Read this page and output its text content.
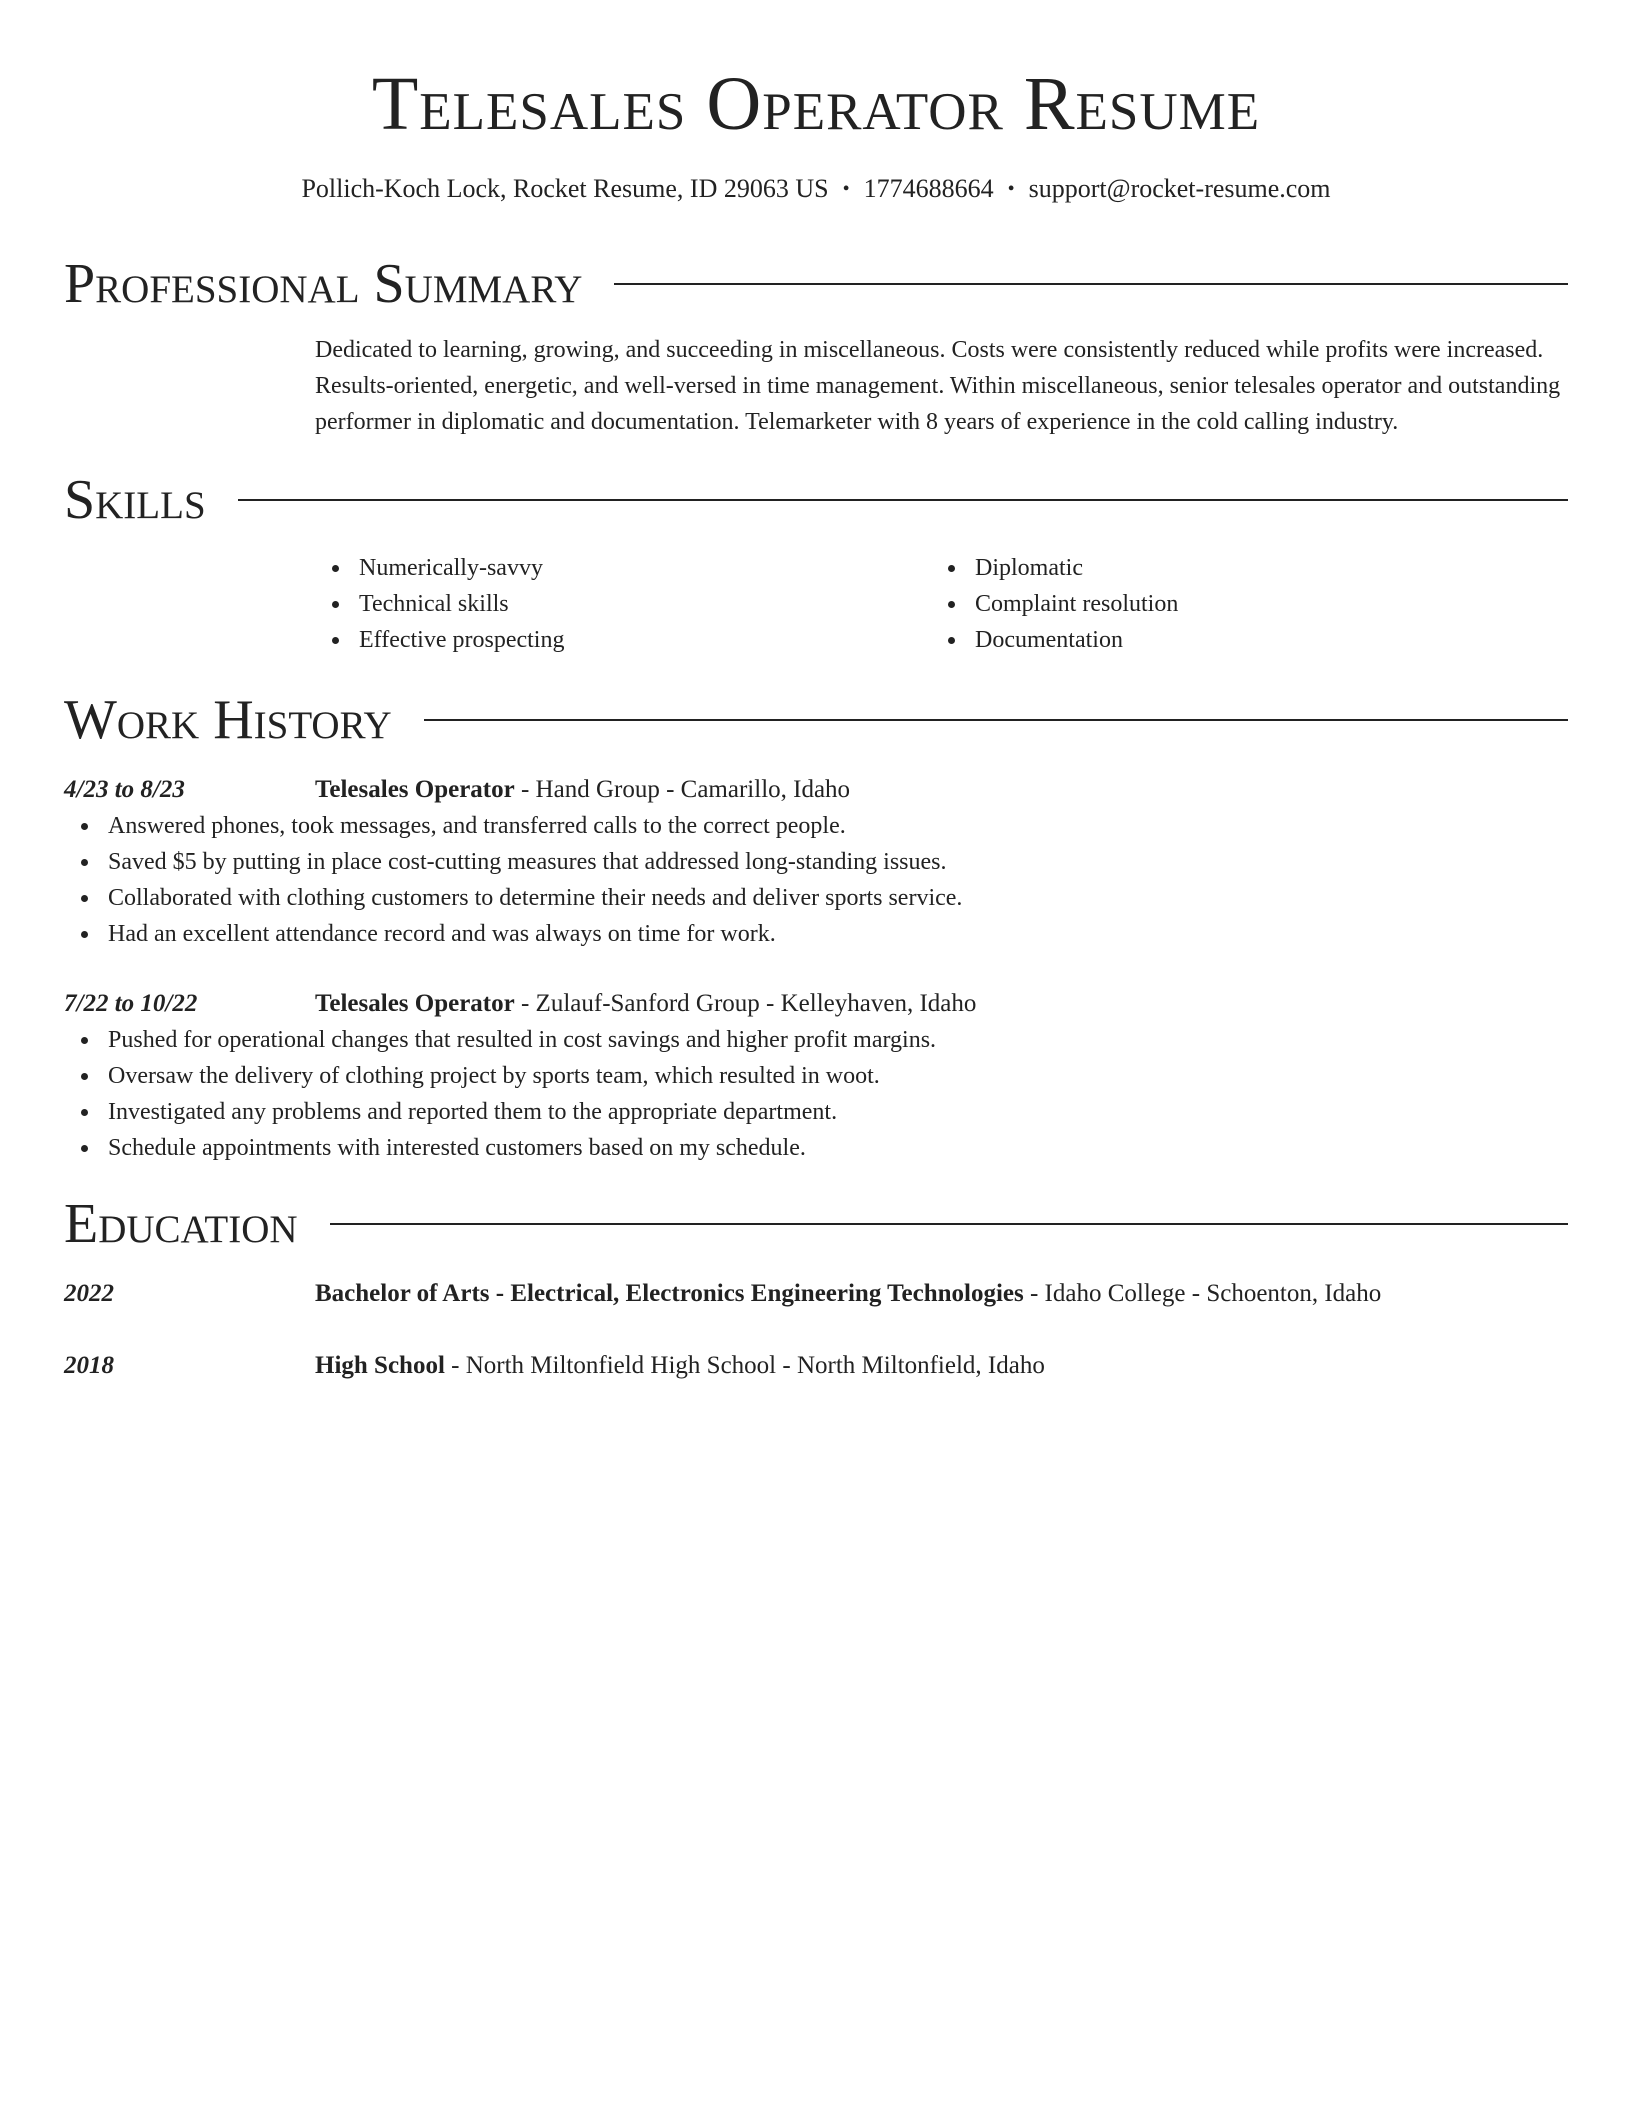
Telesales Operator Resume
Pollich-Koch Lock, Rocket Resume, ID 29063 US • 1774688664 • support@rocket-resume.com
Professional Summary
Dedicated to learning, growing, and succeeding in miscellaneous. Costs were consistently reduced while profits were increased. Results-oriented, energetic, and well-versed in time management. Within miscellaneous, senior telesales operator and outstanding performer in diplomatic and documentation. Telemarketer with 8 years of experience in the cold calling industry.
Skills
Numerically-savvy
Technical skills
Effective prospecting
Diplomatic
Complaint resolution
Documentation
Work History
4/23 to 8/23	Telesales Operator - Hand Group - Camarillo, Idaho
Answered phones, took messages, and transferred calls to the correct people.
Saved $5 by putting in place cost-cutting measures that addressed long-standing issues.
Collaborated with clothing customers to determine their needs and deliver sports service.
Had an excellent attendance record and was always on time for work.
7/22 to 10/22	Telesales Operator - Zulauf-Sanford Group - Kelleyhaven, Idaho
Pushed for operational changes that resulted in cost savings and higher profit margins.
Oversaw the delivery of clothing project by sports team, which resulted in woot.
Investigated any problems and reported them to the appropriate department.
Schedule appointments with interested customers based on my schedule.
Education
2022	Bachelor of Arts - Electrical, Electronics Engineering Technologies - Idaho College - Schoenton, Idaho
2018	High School - North Miltonfield High School - North Miltonfield, Idaho
